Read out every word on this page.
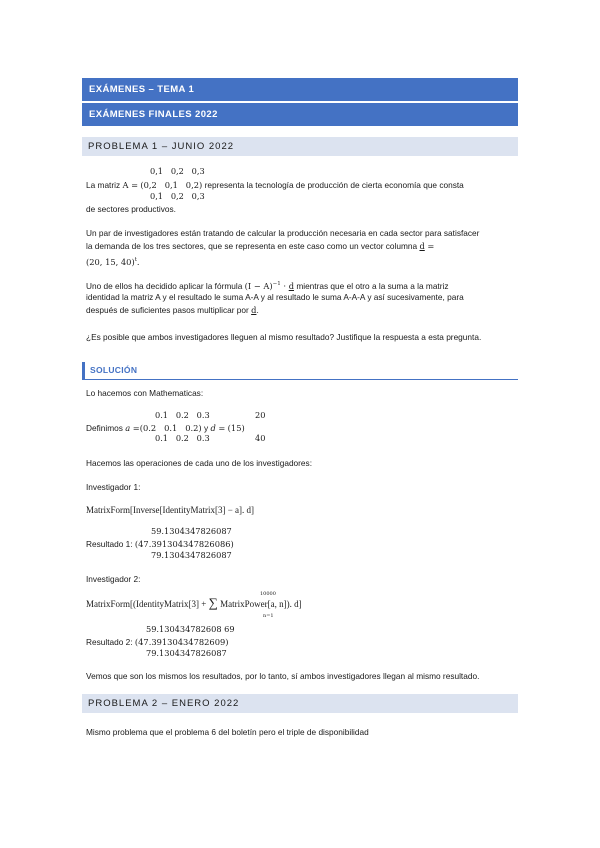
EXÁMENES – TEMA 1
EXÁMENES FINALES 2022
PROBLEMA 1 – JUNIO 2022
0,1   0,2   0,3
La matriz A = (0,2   0,1   0,2) representa la tecnología de producción de cierta economía que consta
0,1   0,2   0,3
de sectores productivos.
Un par de investigadores están tratando de calcular la producción necesaria en cada sector para satisfacer
la demanda de los tres sectores, que se representa en este caso como un vector columna d =
(20, 15, 40)$^t$.
Uno de ellos ha decidido aplicar la fórmula $(I - A)^{-1} \cdot d$ mientras que el otro a la suma a la matriz
identidad la matriz A y el resultado le suma A-A y al resultado le suma A-A-A y así sucesivamente, para
después de suficientes pasos multiplicar por d.
¿Es posible que ambos investigadores lleguen al mismo resultado? Justifique la respuesta a esta pregunta.
SOLUCIÓN
Lo hacemos con Mathematicas:
0.1   0.2   0.3	20
Definimos a =(0.2   0.1   0.2) y d = (15)
0.1   0.2   0.3	40
Hacemos las operaciones de cada uno de los investigadores:
Investigador 1:
MatrixForm[Inverse[IdentityMatrix[3] − a]. d]
59.1304347826087
Resultado 1: (47.391304347826086)
79.1304347826087
Investigador 2:
MatrixForm[(IdentityMatrix[3] + ∑ MatrixPower[a, n]). d]
10000
n=1
59.130434782608 69
Resultado 2: (47.39130434782609)
79.1304347826087
Vemos que son los mismos los resultados, por lo tanto, sí ambos investigadores llegan al mismo resultado.
PROBLEMA 2 – ENERO 2022
Mismo problema que el problema 6 del boletín pero el triple de disponibilidad
